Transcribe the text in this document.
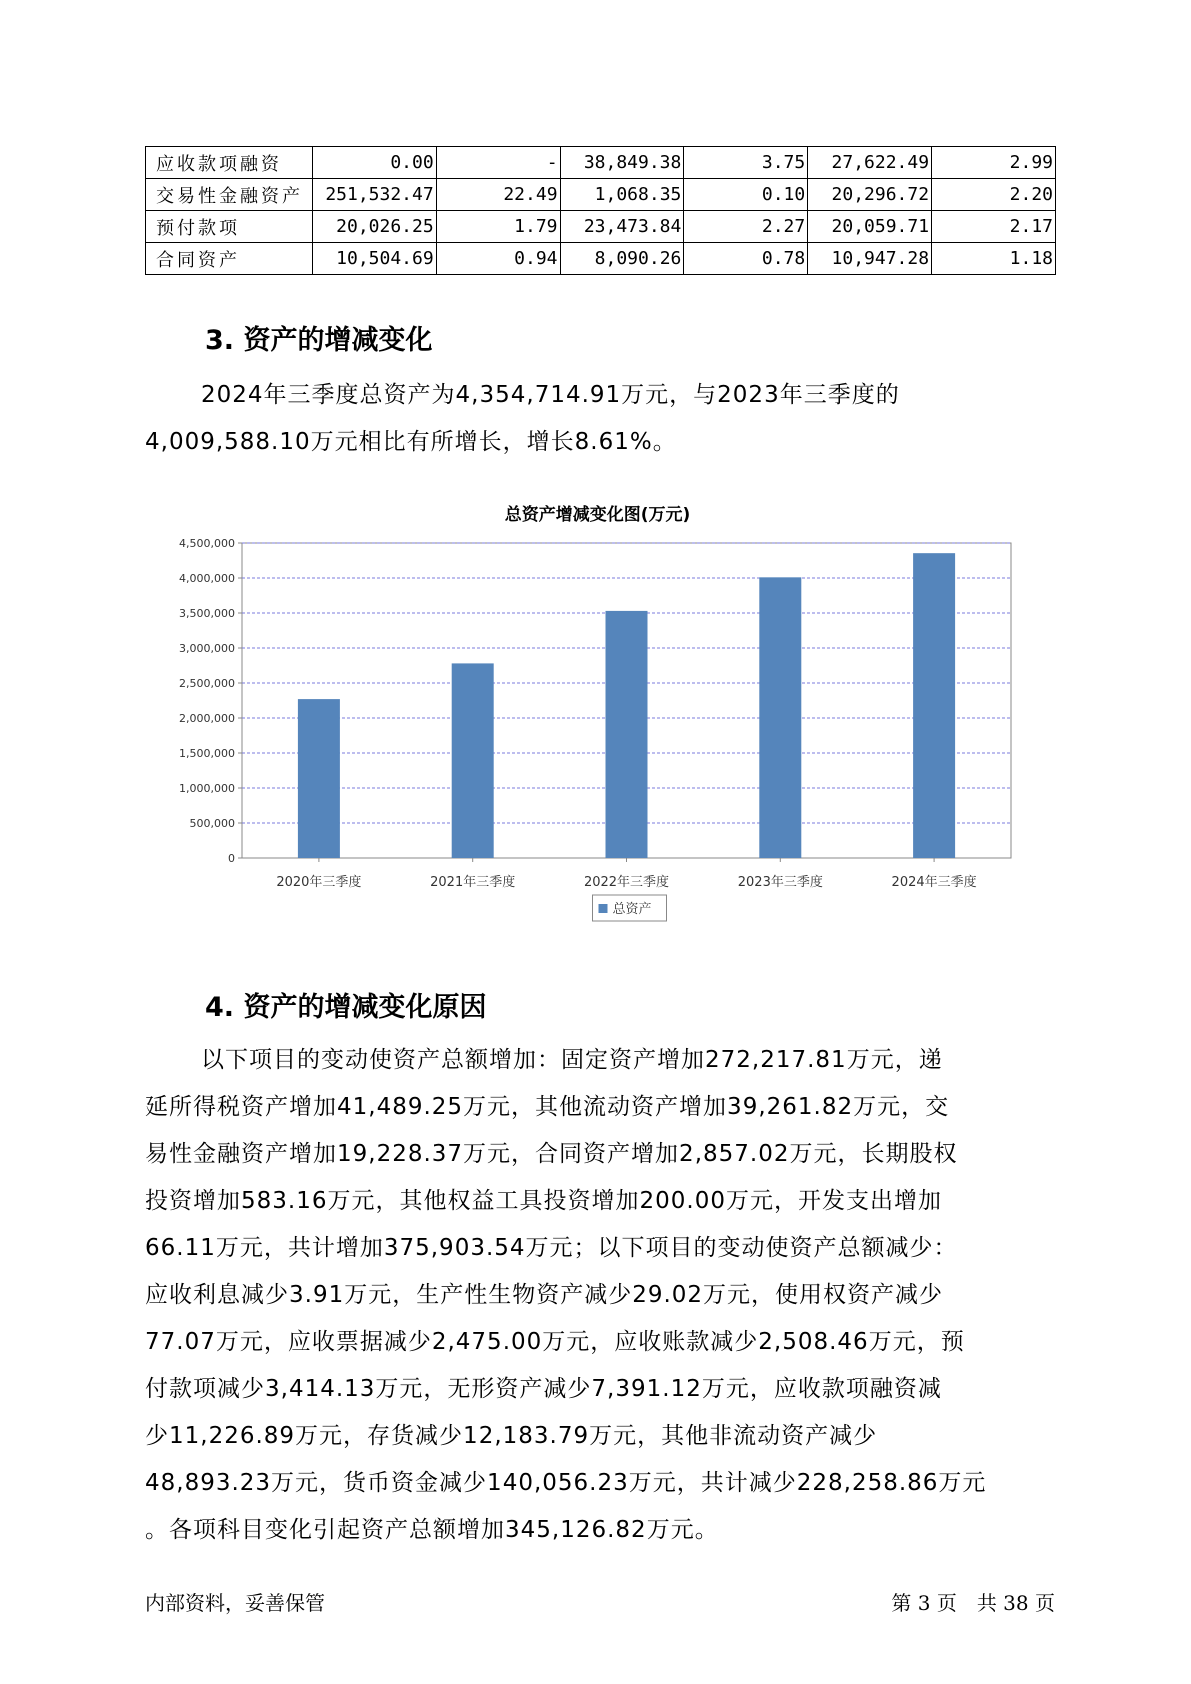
应收款项融资	0.00	-	38,849.38	3.75	27,622.49	2.99
交易性金融资产	251,532.47	22.49	1,068.35	0.10	20,296.72	2.20
预付款项	20,026.25	1.79	23,473.84	2.27	20,059.71	2.17
合同资产	10,504.69	0.94	8,090.26	0.78	10,947.28	1.18
3. 资产的增减变化

2024年三季度总资产为4,354,714.91万元，与2023年三季度的
4,009,588.10万元相比有所增长，增长8.61%。

总资产增减变化图(万元)
0
500,000
1,000,000
1,500,000
2,000,000
2,500,000
3,000,000
3,500,000
4,000,000
4,500,000
2020年三季度	2021年三季度	2022年三季度	2023年三季度	2024年三季度
总资产
4. 资产的增减变化原因

以下项目的变动使资产总额增加：固定资产增加272,217.81万元，递
延所得税资产增加41,489.25万元，其他流动资产增加39,261.82万元，交
易性金融资产增加19,228.37万元，合同资产增加2,857.02万元，长期股权
投资增加583.16万元，其他权益工具投资增加200.00万元，开发支出增加
66.11万元，共计增加375,903.54万元；以下项目的变动使资产总额减少：
应收利息减少3.91万元，生产性生物资产减少29.02万元，使用权资产减少
77.07万元，应收票据减少2,475.00万元，应收账款减少2,508.46万元，预
付款项减少3,414.13万元，无形资产减少7,391.12万元，应收款项融资减
少11,226.89万元，存货减少12,183.79万元，其他非流动资产减少
48,893.23万元，货币资金减少140,056.23万元，共计减少228,258.86万元
。各项科目变化引起资产总额增加345,126.82万元。

内部资料，妥善保管	第 3 页　共 38 页
